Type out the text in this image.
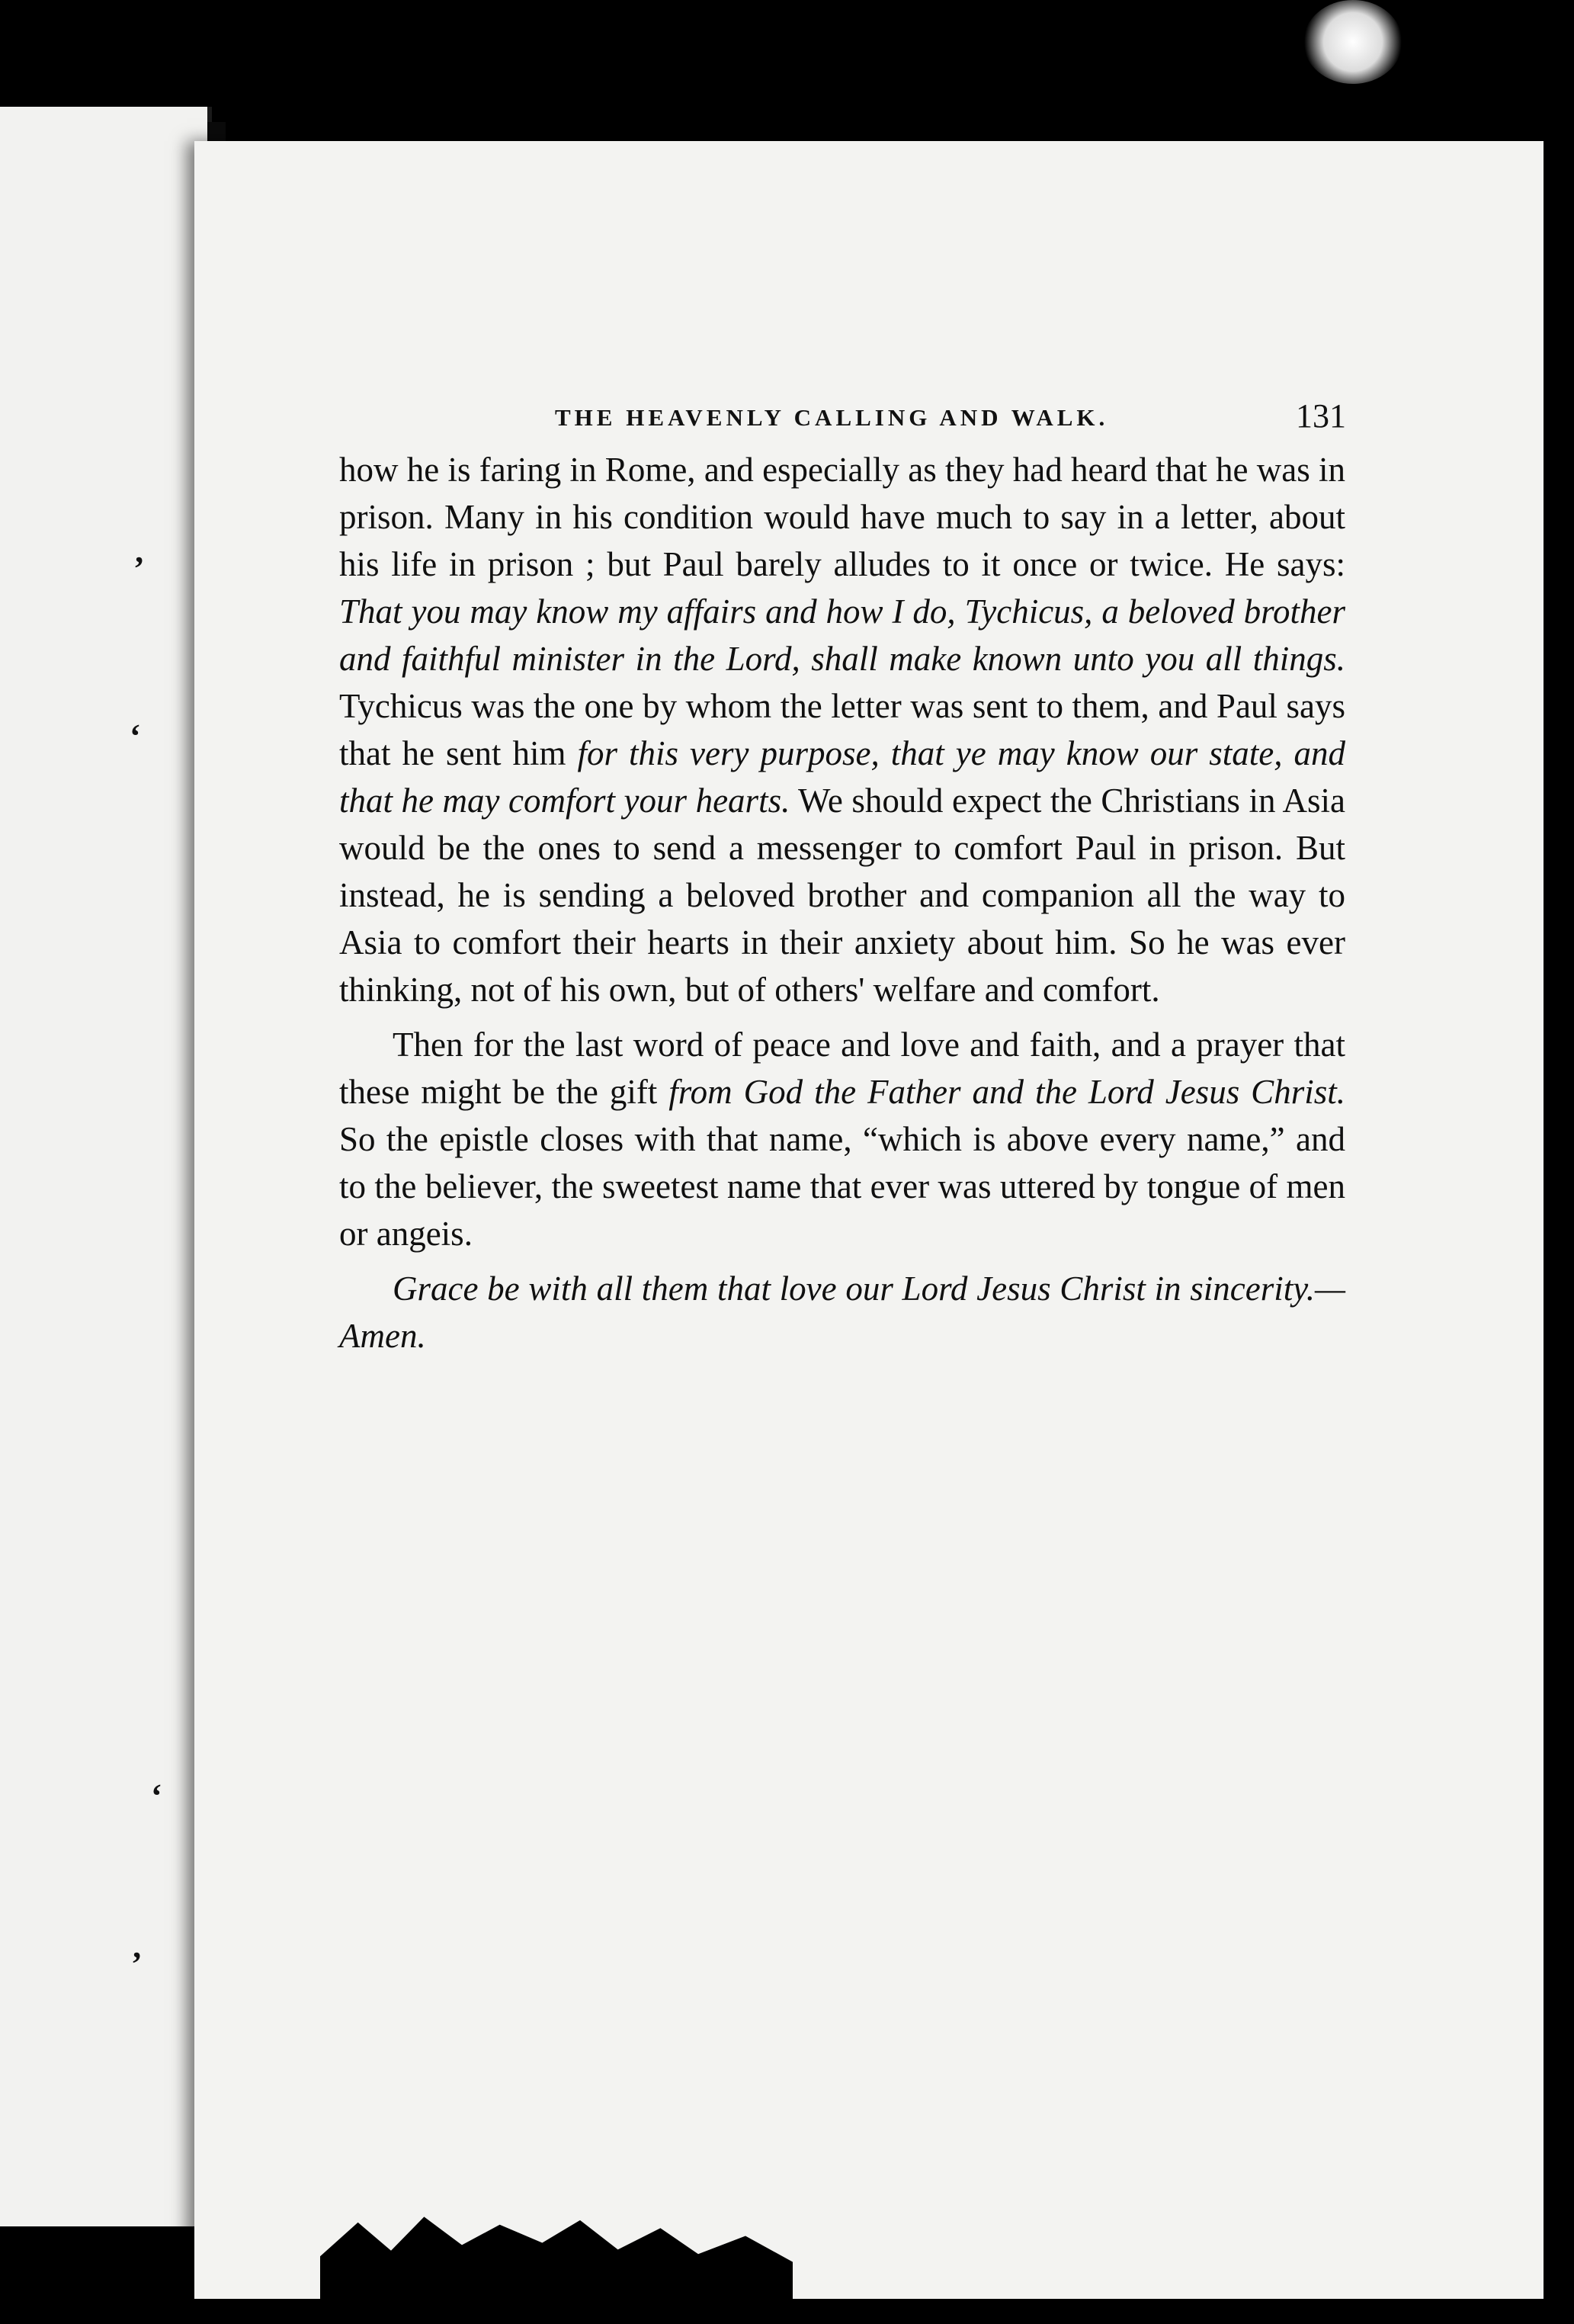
’
‘
‘
’
THE HEAVENLY CALLING AND WALK.	131

how he is faring in Rome, and especially as they had heard that he was in prison. Many in his condition would have much to say in a letter, about his life in prison ; but Paul barely alludes to it once or twice. He says: That you may know my affairs and how I do, Tychicus, a beloved brother and faithful minister in the Lord, shall make known unto you all things. Tychicus was the one by whom the letter was sent to them, and Paul says that he sent him for this very purpose, that ye may know our state, and that he may comfort your hearts. We should expect the Christians in Asia would be the ones to send a messenger to comfort Paul in prison. But instead, he is sending a beloved brother and companion all the way to Asia to comfort their hearts in their anxiety about him. So he was ever thinking, not of his own, but of others' welfare and comfort.

Then for the last word of peace and love and faith, and a prayer that these might be the gift from God the Father and the Lord Jesus Christ. So the epistle closes with that name, “which is above every name,” and to the believer, the sweetest name that ever was uttered by tongue of men or angeis.

Grace be with all them that love our Lord Jesus Christ in sincerity.—Amen.
